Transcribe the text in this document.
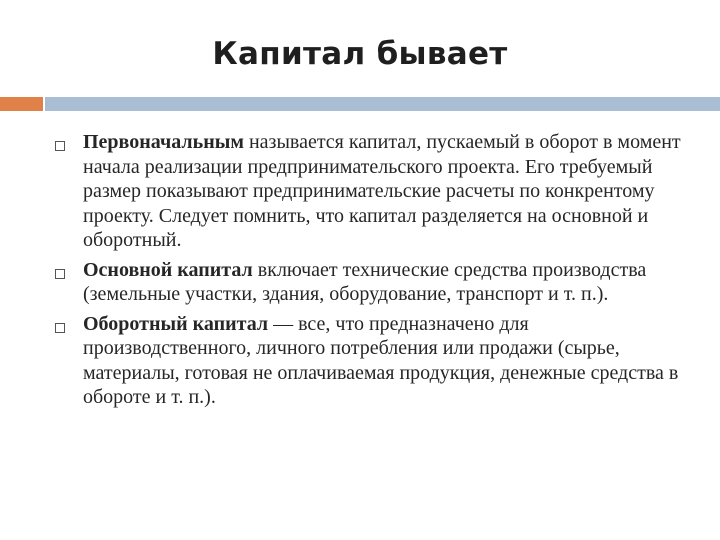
Капитал бывает
Первоначальным называется капитал, пускаемый в оборот в момент начала реализации предпринимательского проекта. Его требуемый размер показывают предпринимательские расчеты по конкрентому проекту. Следует помнить, что капитал разделяется на основной и оборотный.
Основной капитал включает технические средства производства (земельные участки, здания, оборудование, транспорт и т. п.).
Оборотный капитал — все, что предназначено для производственного, личного потребления или продажи (сырье, материалы, готовая не оплачиваемая продукция, денежные средства в обороте и т. п.).
